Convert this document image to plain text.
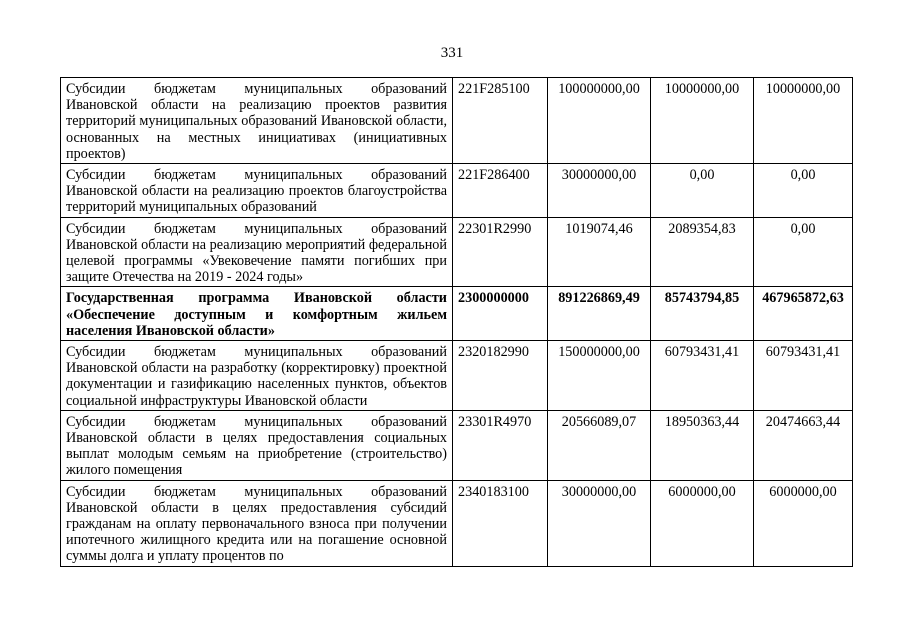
331
Субсидии бюджетам муниципальных образований Ивановской области на реализацию проектов развития территорий муниципальных образований Ивановской области, основанных на местных инициативах (инициативных проектов)	221F285100	100000000,00	10000000,00	10000000,00
Субсидии бюджетам муниципальных образований Ивановской области на реализацию проектов благоустройства территорий муниципальных образований	221F286400	30000000,00	0,00	0,00
Субсидии бюджетам муниципальных образований Ивановской области на реализацию мероприятий федеральной целевой программы «Увековечение памяти погибших при защите Отечества на 2019 - 2024 годы»	22301R2990	1019074,46	2089354,83	0,00
Государственная программа Ивановской области «Обеспечение доступным и комфортным жильем населения Ивановской области»	2300000000	891226869,49	85743794,85	467965872,63
Субсидии бюджетам муниципальных образований Ивановской области на разработку (корректировку) проектной документации и газификацию населенных пунктов, объектов социальной инфраструктуры Ивановской области	2320182990	150000000,00	60793431,41	60793431,41
Субсидии бюджетам муниципальных образований Ивановской области в целях предоставления социальных выплат молодым семьям на приобретение (строительство) жилого помещения	23301R4970	20566089,07	18950363,44	20474663,44
Субсидии бюджетам муниципальных образований Ивановской области в целях предоставления субсидий гражданам на оплату первоначального взноса при получении ипотечного жилищного кредита или на погашение основной суммы долга и уплату процентов по	2340183100	30000000,00	6000000,00	6000000,00
